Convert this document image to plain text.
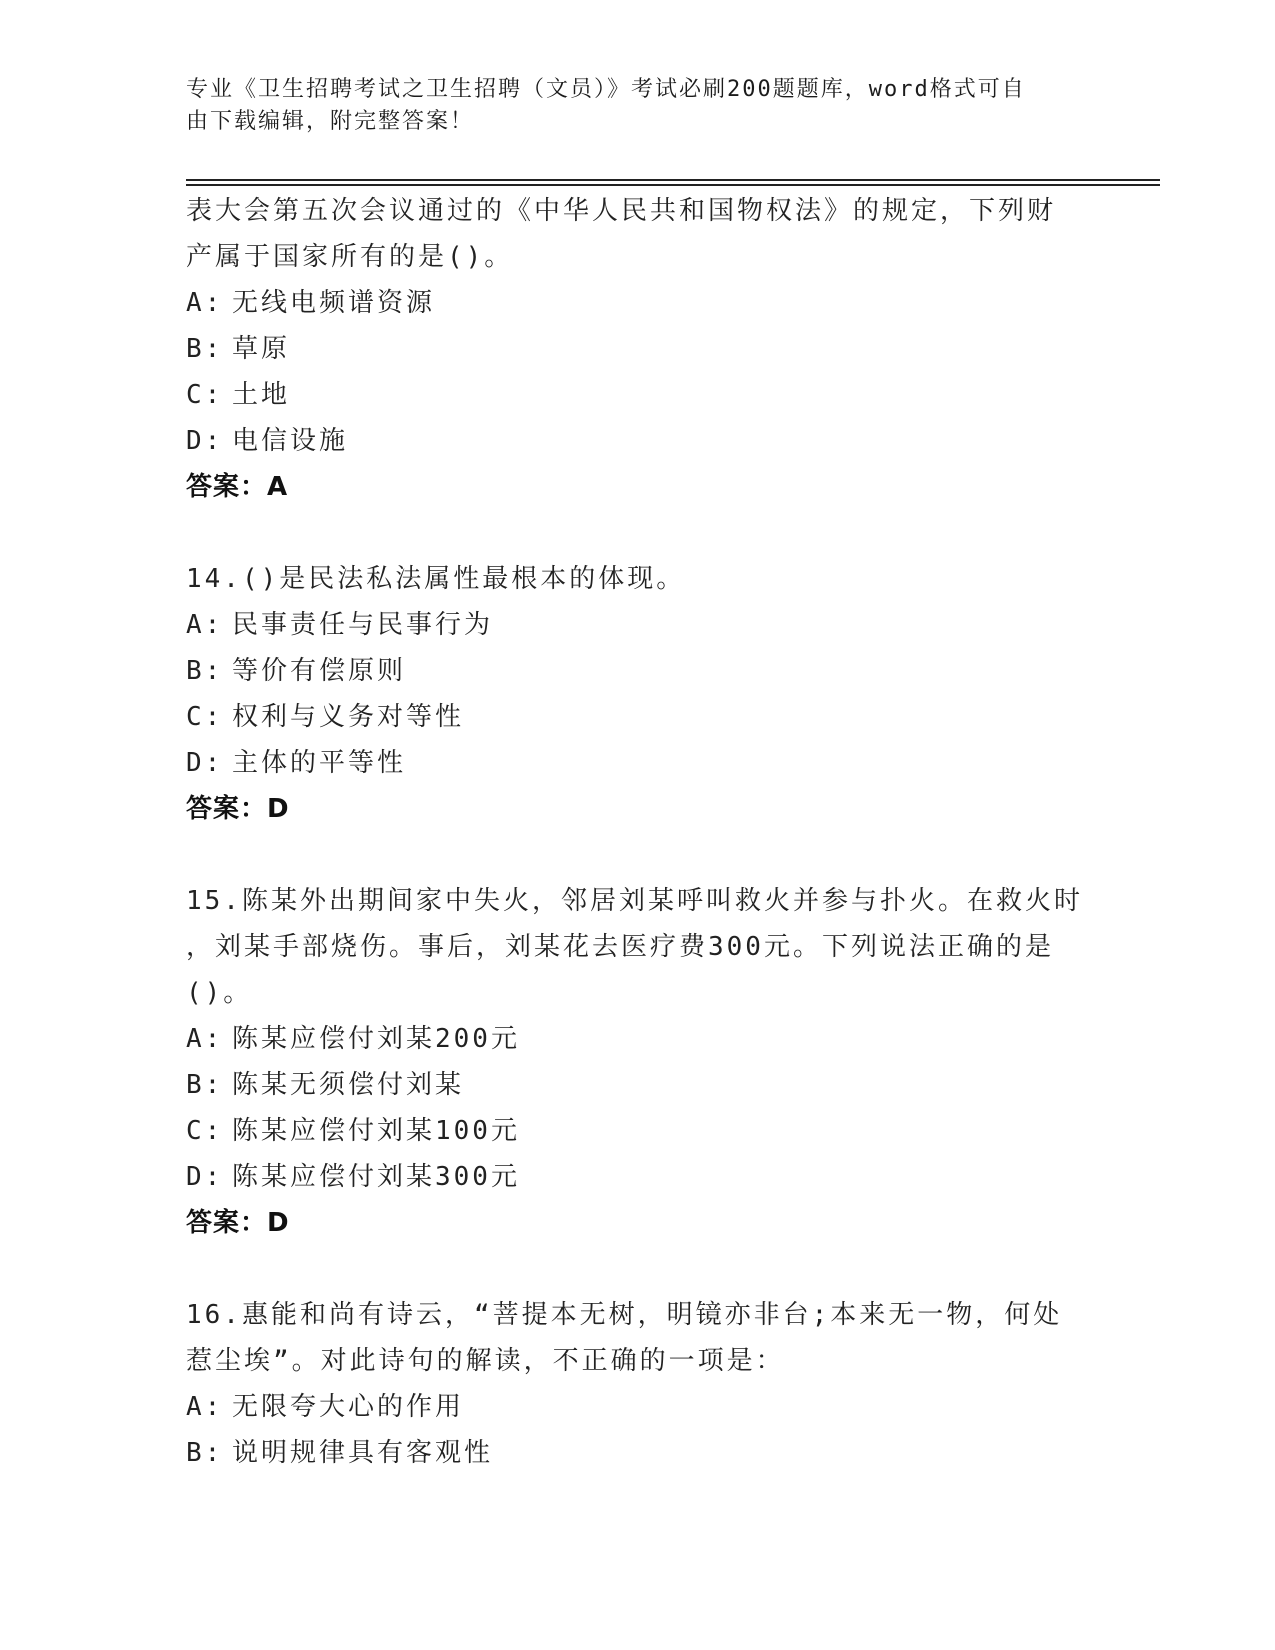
专业《卫生招聘考试之卫生招聘（文员）》考试必刷200题题库，word格式可自
由下载编辑，附完整答案！
表大会第五次会议通过的《中华人民共和国物权法》的规定，下列财
产属于国家所有的是()。
A: 无线电频谱资源
B: 草原
C: 土地
D: 电信设施
答案：A
14.()是民法私法属性最根本的体现。
A: 民事责任与民事行为
B: 等价有偿原则
C: 权利与义务对等性
D: 主体的平等性
答案：D
15.陈某外出期间家中失火，邻居刘某呼叫救火并参与扑火。在救火时
，刘某手部烧伤。事后，刘某花去医疗费300元。下列说法正确的是
()。
A: 陈某应偿付刘某200元
B: 陈某无须偿付刘某
C: 陈某应偿付刘某100元
D: 陈某应偿付刘某300元
答案：D
16.惠能和尚有诗云，“菩提本无树，明镜亦非台;本来无一物，何处
惹尘埃”。对此诗句的解读，不正确的一项是：
A: 无限夸大心的作用
B: 说明规律具有客观性
